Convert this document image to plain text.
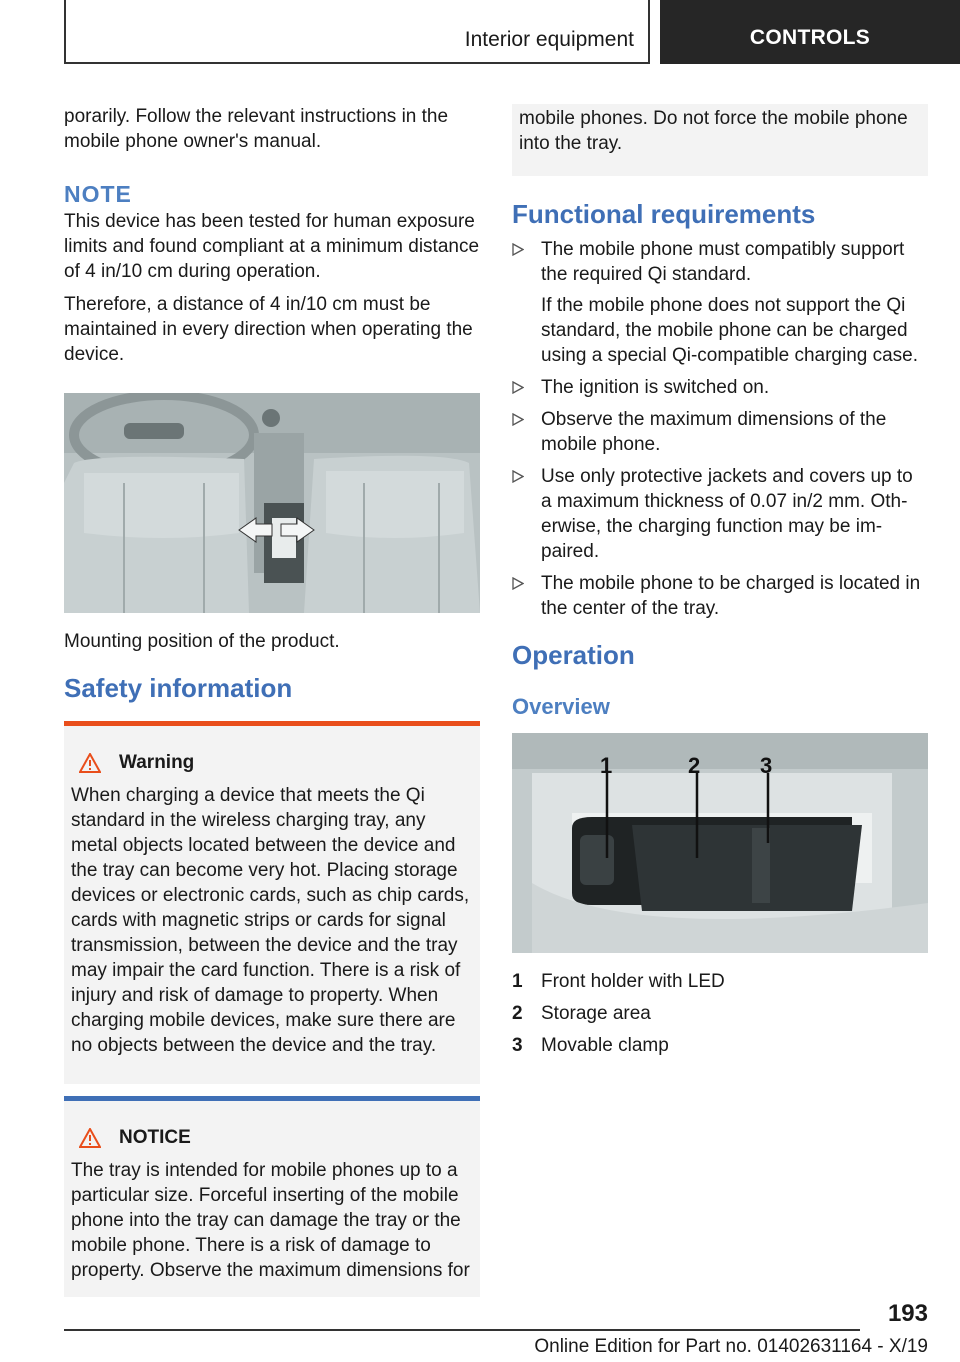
Interior equipment	CONTROLS

porarily. Follow the relevant instructions in the mobile phone owner's manual.

NOTE

This device has been tested for human exposure limits and found compliant at a minimum distance of 4 in/10 cm during operation.

Therefore, a distance of 4 in/10 cm must be maintained in every direction when operating the device.

Mounting position of the product.

Safety information
Warning

When charging a device that meets the Qi standard in the wireless charging tray, any metal objects located between the device and the tray can become very hot. Placing storage devices or electronic cards, such as chip cards, cards with magnetic strips or cards for signal transmission, between the device and the tray may impair the card function. There is a risk of injury and risk of damage to property. When charging mobile devices, make sure there are no objects between the device and the tray.

NOTICE

The tray is intended for mobile phones up to a particular size. Forceful inserting of the mobile phone into the tray can damage the tray or the mobile phone. There is a risk of damage to property. Observe the maximum dimensions for

mobile phones. Do not force the mobile phone into the tray.

Functional requirements

The mobile phone must compatibly support the required Qi standard.

If the mobile phone does not support the Qi standard, the mobile phone can be charged using a special Qi-compatible charging case.

The ignition is switched on.
Observe the maximum dimensions of the mobile phone.
Use only protective jackets and covers up to a maximum thickness of 0.07 in/2 mm. Otherwise, the charging function may be impaired.
The mobile phone to be charged is located in the center of the tray.
Operation
Overview
1	2	3
1 Front holder with LED
2 Storage area
3 Movable clamp
193
Online Edition for Part no. 01402631164 - X/19
